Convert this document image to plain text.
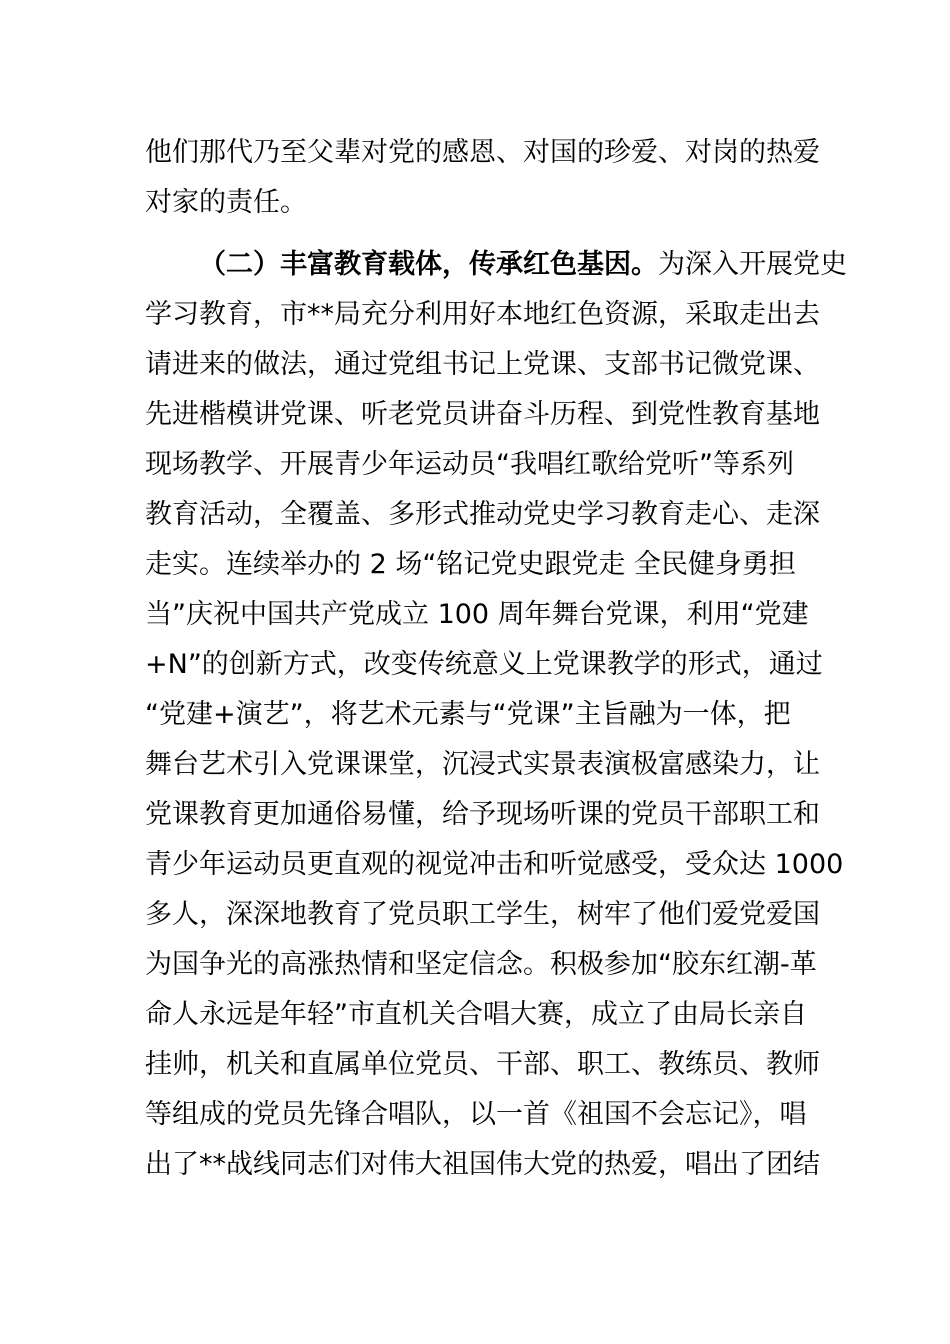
他们那代乃至父辈对党的感恩、对国的珍爱、对岗的热爱
对家的责任。
（二）丰富教育载体，传承红色基因。为深入开展党史
学习教育，市**局充分利用好本地红色资源，采取走出去
请进来的做法，通过党组书记上党课、支部书记微党课、
先进楷模讲党课、听老党员讲奋斗历程、到党性教育基地
现场教学、开展青少年运动员“我唱红歌给党听”等系列
教育活动，全覆盖、多形式推动党史学习教育走心、走深
走实。连续举办的 2 场“铭记党史跟党走 全民健身勇担
当”庆祝中国共产党成立 100 周年舞台党课，利用“党建
+N”的创新方式，改变传统意义上党课教学的形式，通过
“党建+演艺”，将艺术元素与“党课”主旨融为一体，把
舞台艺术引入党课课堂，沉浸式实景表演极富感染力，让
党课教育更加通俗易懂，给予现场听课的党员干部职工和
青少年运动员更直观的视觉冲击和听觉感受，受众达 1000
多人，深深地教育了党员职工学生，树牢了他们爱党爱国
为国争光的高涨热情和坚定信念。积极参加“胶东红潮-革
命人永远是年轻”市直机关合唱大赛，成立了由局长亲自
挂帅，机关和直属单位党员、干部、职工、教练员、教师
等组成的党员先锋合唱队，以一首《祖国不会忘记》，唱
出了**战线同志们对伟大祖国伟大党的热爱，唱出了团结
